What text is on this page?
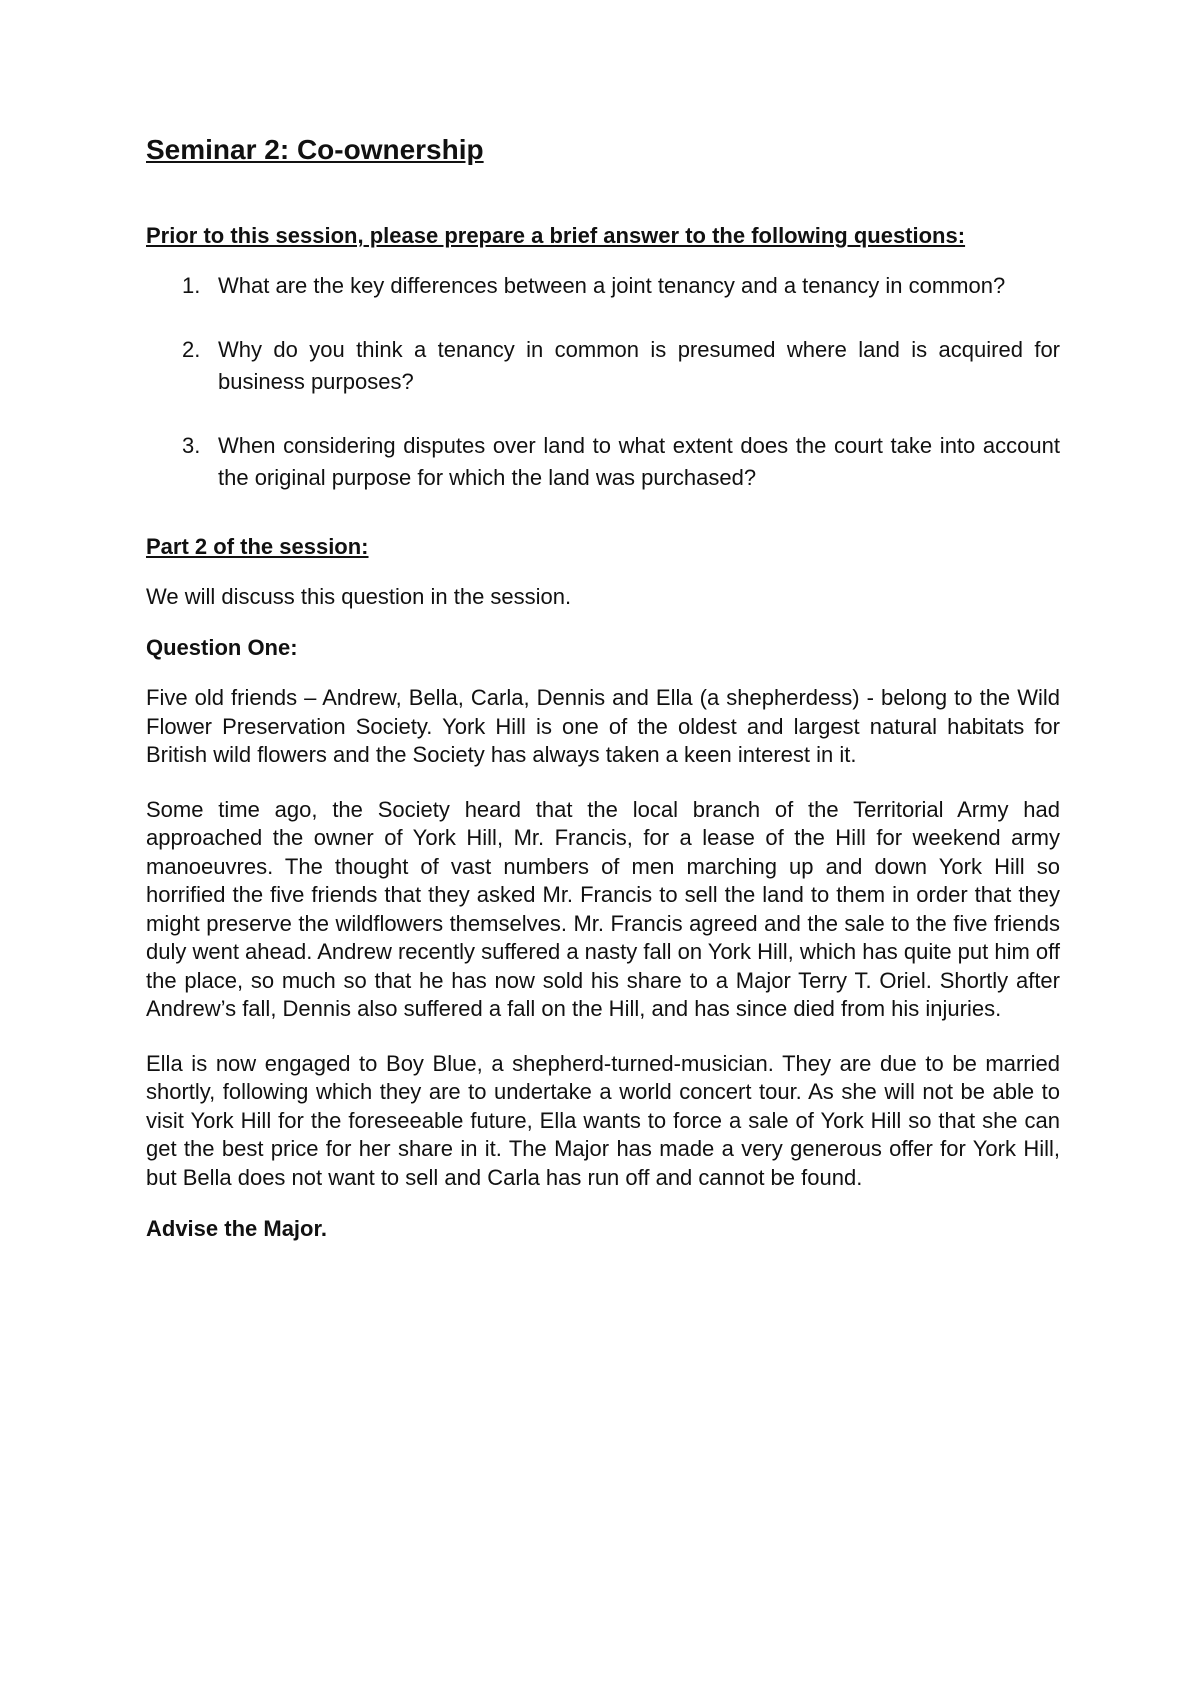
Seminar 2: Co-ownership

Prior to this session, please prepare a brief answer to the following questions:

1. What are the key differences between a joint tenancy and a tenancy in common?
2. Why do you think a tenancy in common is presumed where land is acquired for business purposes?
3. When considering disputes over land to what extent does the court take into account the original purpose for which the land was purchased?

Part 2 of the session:

We will discuss this question in the session.

Question One:

Five old friends – Andrew, Bella, Carla, Dennis and Ella (a shepherdess) - belong to the Wild Flower Preservation Society. York Hill is one of the oldest and largest natural habitats for British wild flowers and the Society has always taken a keen interest in it.

Some time ago, the Society heard that the local branch of the Territorial Army had approached the owner of York Hill, Mr. Francis, for a lease of the Hill for weekend army manoeuvres. The thought of vast numbers of men marching up and down York Hill so horrified the five friends that they asked Mr. Francis to sell the land to them in order that they might preserve the wildflowers themselves. Mr. Francis agreed and the sale to the five friends duly went ahead. Andrew recently suffered a nasty fall on York Hill, which has quite put him off the place, so much so that he has now sold his share to a Major Terry T. Oriel. Shortly after Andrew’s fall, Dennis also suffered a fall on the Hill, and has since died from his injuries.

Ella is now engaged to Boy Blue, a shepherd-turned-musician. They are due to be married shortly, following which they are to undertake a world concert tour. As she will not be able to visit York Hill for the foreseeable future, Ella wants to force a sale of York Hill so that she can get the best price for her share in it. The Major has made a very generous offer for York Hill, but Bella does not want to sell and Carla has run off and cannot be found.

Advise the Major.
